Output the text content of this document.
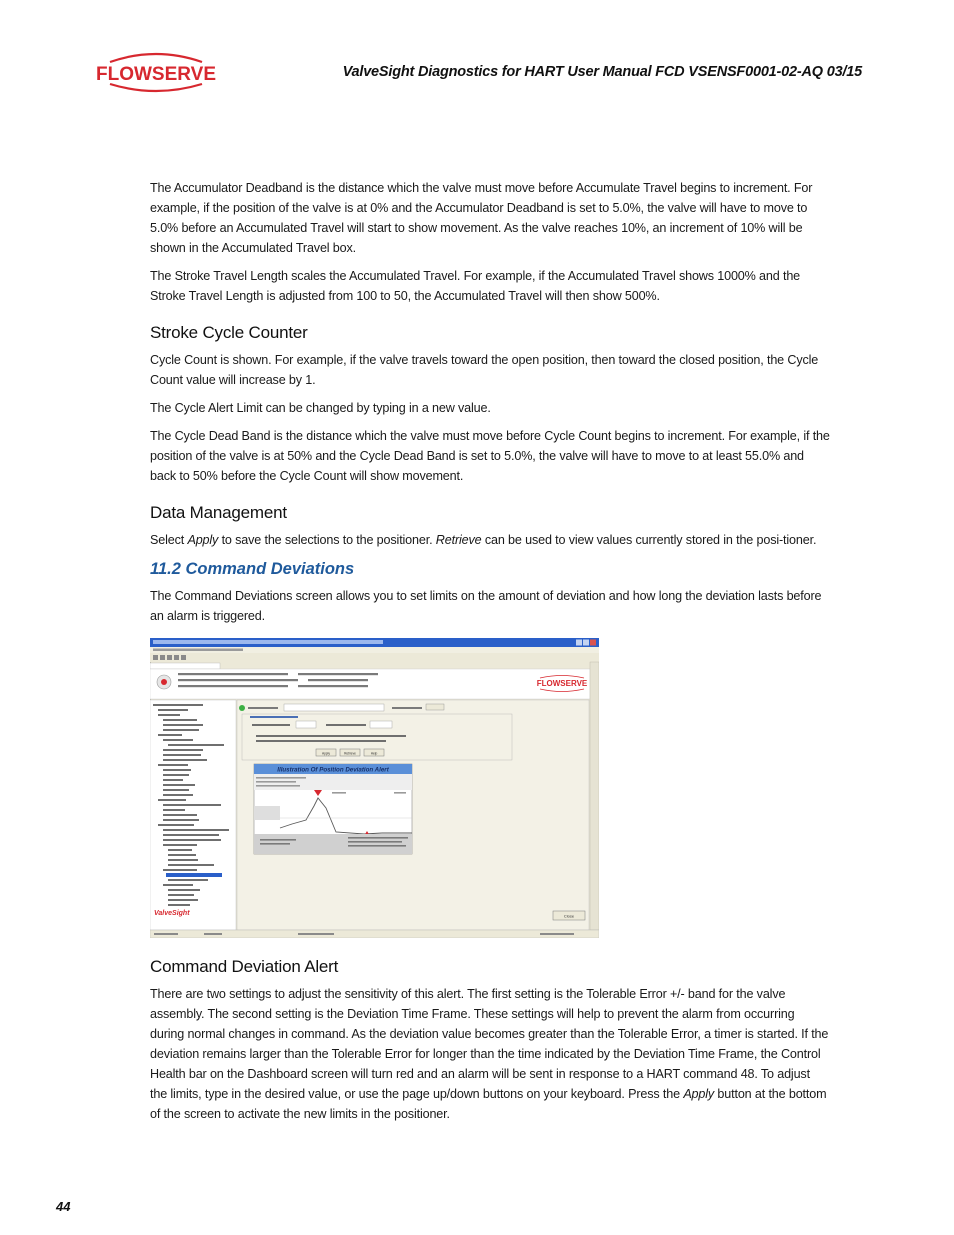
FLOWSERVE	ValveSight Diagnostics for HART User Manual FCD VSENSF0001-02-AQ 03/15

The Accumulator Deadband is the distance which the valve must move before Accumulate Travel begins to increment. For example, if the position of the valve is at 0% and the Accumulator Deadband is set to 5.0%, the valve will have to move to 5.0% before an Accumulated Travel will start to show movement. As the valve reaches 10%, an increment of 10% will be shown in the Accumulated Travel box.

The Stroke Travel Length scales the Accumulated Travel. For example, if the Accumulated Travel shows 1000% and the Stroke Travel Length is adjusted from 100 to 50, the Accumulated Travel will then show 500%.

Stroke Cycle Counter

Cycle Count is shown. For example, if the valve travels toward the open position, then toward the closed position, the Cycle Count value will increase by 1.

The Cycle Alert Limit can be changed by typing in a new value.

The Cycle Dead Band is the distance which the valve must move before Cycle Count begins to increment. For example, if the position of the valve is at 50% and the Cycle Dead Band is set to 5.0%, the valve will have to move to at least 55.0% and back to 50% before the Cycle Count will show movement.

Data Management

Select Apply to save the selections to the positioner. Retrieve can be used to view values currently stored in the posi-tioner.

11.2 Command Deviations

The Command Deviations screen allows you to set limits on the amount of deviation and how long the deviation lasts before an alarm is triggered.

FLOWSERVE
ValveSight
Apply	Retrieve	Help
Illustration Of Position Deviation Alert
Close
Command Deviation Alert

There are two settings to adjust the sensitivity of this alert. The first setting is the Tolerable Error +/- band for the valve assembly. The second setting is the Deviation Time Frame. These settings will help to prevent the alarm from occurring during normal changes in command. As the deviation value becomes greater than the Tolerable Error, a timer is started. If the deviation remains larger than the Tolerable Error for longer than the time indicated by the Deviation Time Frame, the Control Health bar on the Dashboard screen will turn red and an alarm will be sent in response to a HART command 48. To adjust the limits, type in the desired value, or use the page up/down buttons on your keyboard. Press the Apply button at the bottom of the screen to activate the new limits in the positioner.

44
